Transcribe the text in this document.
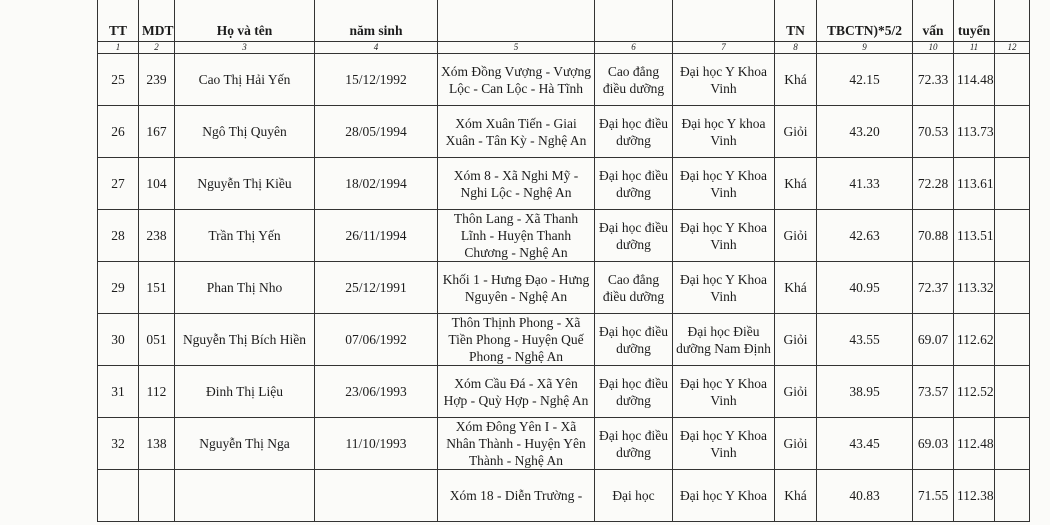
TT	MDT	Họ và tên	năm sinh				TN	TBCTN)*5/2	vấn	tuyển	
1	2	3	4	5	6	7	8	9	10	11	12
25	239	Cao Thị Hải Yến	15/12/1992	Xóm Đồng Vượng - Vượng Lộc - Can Lộc - Hà Tĩnh	Cao đẳng điều dưỡng	Đại học Y Khoa Vinh	Khá	42.15	72.33	114.48	
26	167	Ngô Thị Quyên	28/05/1994	Xóm Xuân Tiến - Giai Xuân - Tân Kỳ - Nghệ An	Đại học điều dưỡng	Đại học Y khoa Vinh	Giỏi	43.20	70.53	113.73	
27	104	Nguyễn Thị Kiều	18/02/1994	Xóm 8 - Xã Nghi Mỹ - Nghi Lộc - Nghệ An	Đại học điều dưỡng	Đại học Y Khoa Vinh	Khá	41.33	72.28	113.61	
28	238	Trần Thị Yến	26/11/1994	Thôn Lang - Xã Thanh Lĩnh - Huyện Thanh Chương - Nghệ An	Đại học điều dưỡng	Đại học Y Khoa Vinh	Giỏi	42.63	70.88	113.51	
29	151	Phan Thị Nho	25/12/1991	Khối 1 - Hưng Đạo - Hưng Nguyên - Nghệ An	Cao đẳng điều dưỡng	Đại học Y Khoa Vinh	Khá	40.95	72.37	113.32	
30	051	Nguyễn Thị Bích Hiền	07/06/1992	Thôn Thịnh Phong - Xã Tiền Phong - Huyện Quế Phong - Nghệ An	Đại học điều dưỡng	Đại học Điều dưỡng Nam Định	Giỏi	43.55	69.07	112.62	
31	112	Đinh Thị Liệu	23/06/1993	Xóm Cầu Đá - Xã Yên Hợp - Quỳ Hợp - Nghệ An	Đại học điều dưỡng	Đại học Y Khoa Vinh	Giỏi	38.95	73.57	112.52	
32	138	Nguyễn Thị Nga	11/10/1993	Xóm Đông Yên I - Xã Nhân Thành - Huyện Yên Thành - Nghệ An	Đại học điều dưỡng	Đại học Y Khoa Vinh	Giỏi	43.45	69.03	112.48	
				Xóm 18 - Diễn Trường -	Đại học	Đại học Y Khoa	Khá	40.83	71.55	112.38	
